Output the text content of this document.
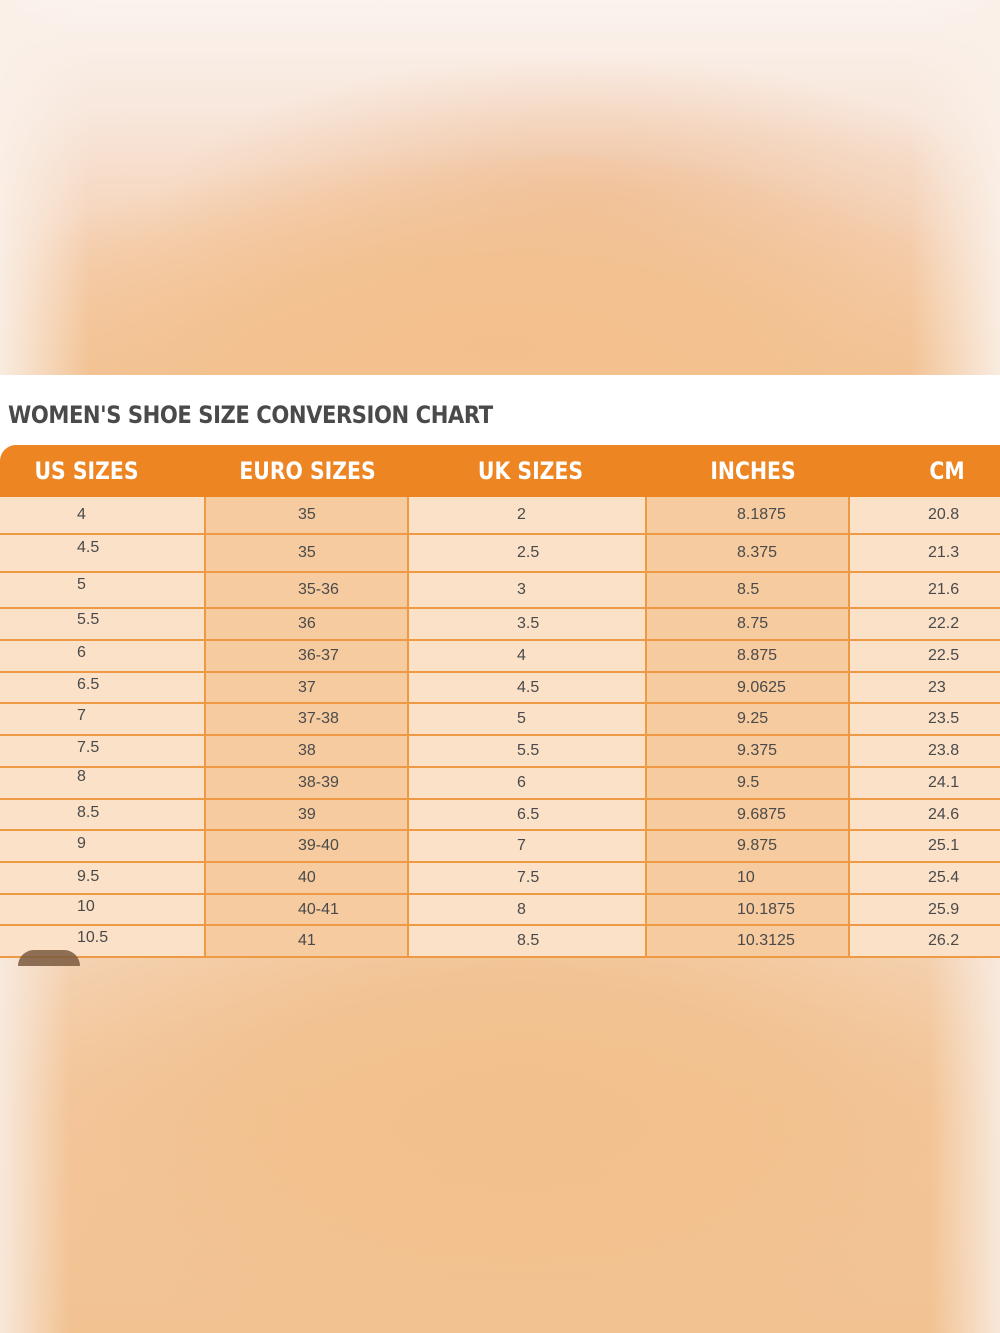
WOMEN'S SHOE SIZE CONVERSION CHART
US SIZES	EURO SIZES	UK SIZES	INCHES	CM
4	35	2	8.1875	20.8
4.5	35	2.5	8.375	21.3
5	35-36	3	8.5	21.6
5.5	36	3.5	8.75	22.2
6	36-37	4	8.875	22.5
6.5	37	4.5	9.0625	23
7	37-38	5	9.25	23.5
7.5	38	5.5	9.375	23.8
8	38-39	6	9.5	24.1
8.5	39	6.5	9.6875	24.6
9	39-40	7	9.875	25.1
9.5	40	7.5	10	25.4
10	40-41	8	10.1875	25.9
10.5	41	8.5	10.3125	26.2
